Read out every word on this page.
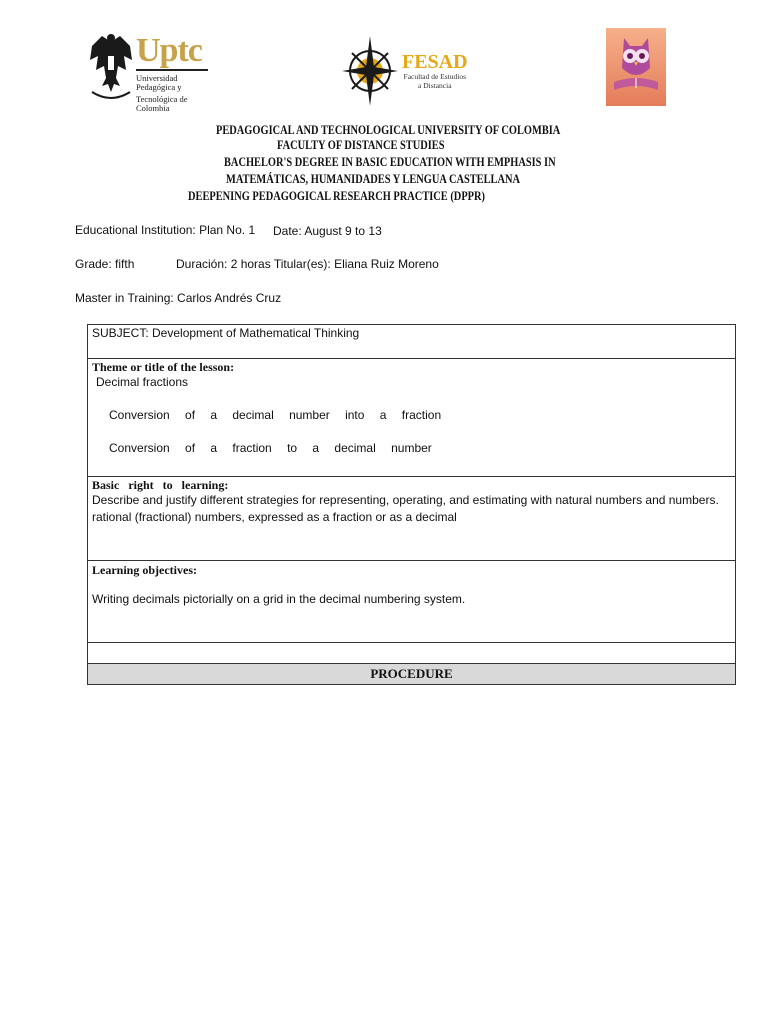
Uptc
Universidad Pedagógica y
Tecnológica de Colombia
FESAD
Facultad de Estudios
a Distancia
PEDAGOGICAL AND TECHNOLOGICAL UNIVERSITY OF COLOMBIA
FACULTY OF DISTANCE STUDIES
BACHELOR'S DEGREE IN BASIC EDUCATION WITH EMPHASIS IN
MATEMÁTICAS, HUMANIDADES Y LENGUA CASTELLANA
DEEPENING PEDAGOGICAL RESEARCH PRACTICE (DPPR)
Educational Institution: Plan No. 1 Date: August 9 to 13
Grade: fifth	Duración: 2 horas Titular(es): Eliana Ruiz Moreno
Master in Training: Carlos Andrés Cruz
SUBJECT: Development of Mathematical Thinking
Theme or title of the lesson:
Decimal fractions
Conversion of a decimal number into a fraction
Conversion of a fraction to a decimal number
Basic right to learning:
Describe and justify different strategies for representing, operating, and estimating with natural numbers and numbers.
rational (fractional) numbers, expressed as a fraction or as a decimal
Learning objectives:
Writing decimals pictorially on a grid in the decimal numbering system.
PROCEDURE
